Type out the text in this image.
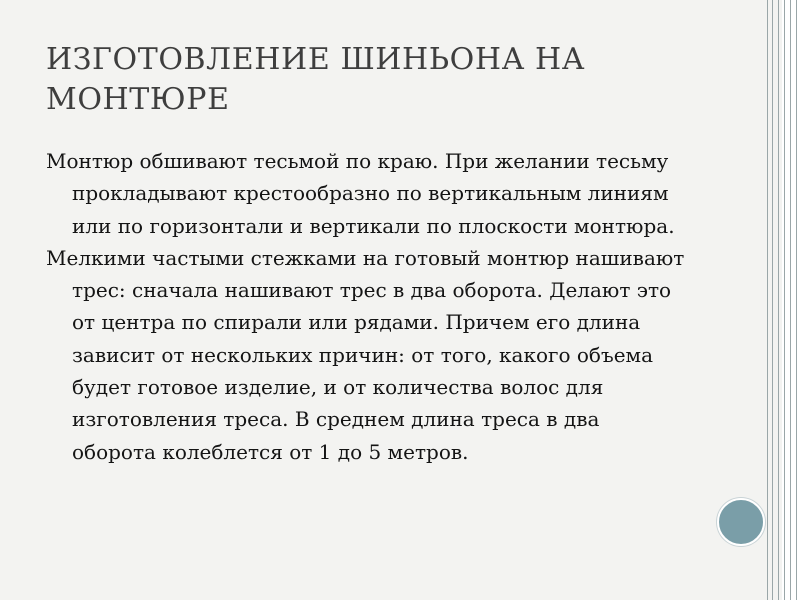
ИЗГОТОВЛЕНИЕ ШИНЬОНА НА МОНТЮРЕ

Монтюр обшивают тесьмой по краю. При желании тесьму прокладывают крестообразно по вертикальным линиям или по горизонтали и вертикали по плоскости монтюра.

Мелкими частыми стежками на готовый монтюр нашивают трес: сначала нашивают трес в два оборота. Делают это от центра по спирали или рядами. Причем его длина зависит от нескольких причин: от того, какого объема будет готовое изделие, и от количества волос для изготовления треса. В среднем длина треса в два оборота колеблется от 1 до 5 метров.
